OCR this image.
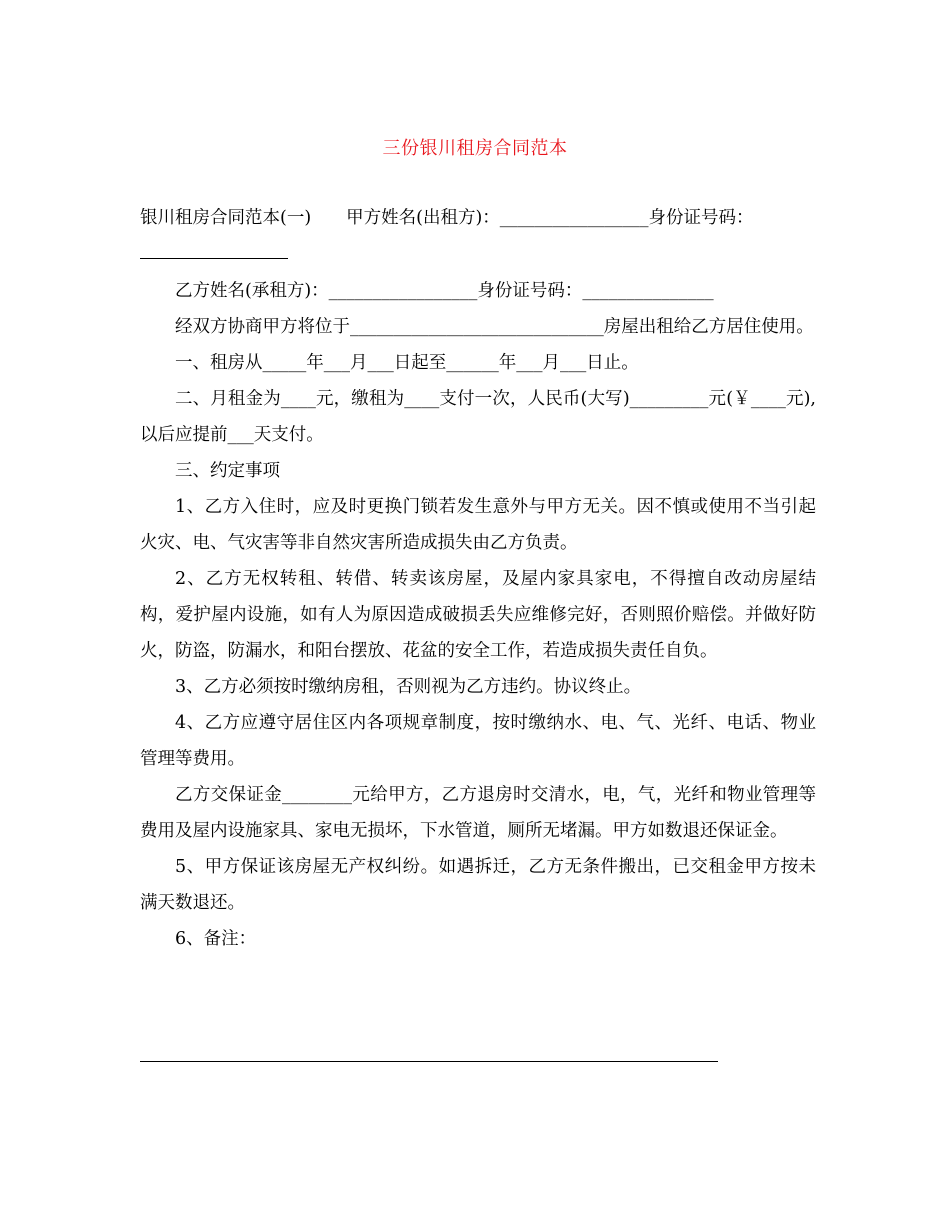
三份银川租房合同范本

银川租房合同范本(一)　　甲方姓名(出租方)：_________________身份证号码：

乙方姓名(承租方)：_________________身份证号码：_______________

经双方协商甲方将位于_____________________________房屋出租给乙方居住使用。

一、租房从_____年___月___日起至______年___月___日止。

二、月租金为____元，缴租为____支付一次，人民币(大写)_________元(￥____元),以后应提前___天支付。

三、约定事项

1、乙方入住时，应及时更换门锁若发生意外与甲方无关。因不慎或使用不当引起火灾、电、气灾害等非自然灾害所造成损失由乙方负责。

2、乙方无权转租、转借、转卖该房屋，及屋内家具家电，不得擅自改动房屋结构，爱护屋内设施，如有人为原因造成破损丢失应维修完好，否则照价赔偿。并做好防火，防盗，防漏水，和阳台摆放、花盆的安全工作，若造成损失责任自负。

3、乙方必须按时缴纳房租，否则视为乙方违约。协议终止。

4、乙方应遵守居住区内各项规章制度，按时缴纳水、电、气、光纤、电话、物业管理等费用。

乙方交保证金________元给甲方，乙方退房时交清水，电，气，光纤和物业管理等费用及屋内设施家具、家电无损坏，下水管道，厕所无堵漏。甲方如数退还保证金。

5、甲方保证该房屋无产权纠纷。如遇拆迁，乙方无条件搬出，已交租金甲方按未满天数退还。

6、备注：
